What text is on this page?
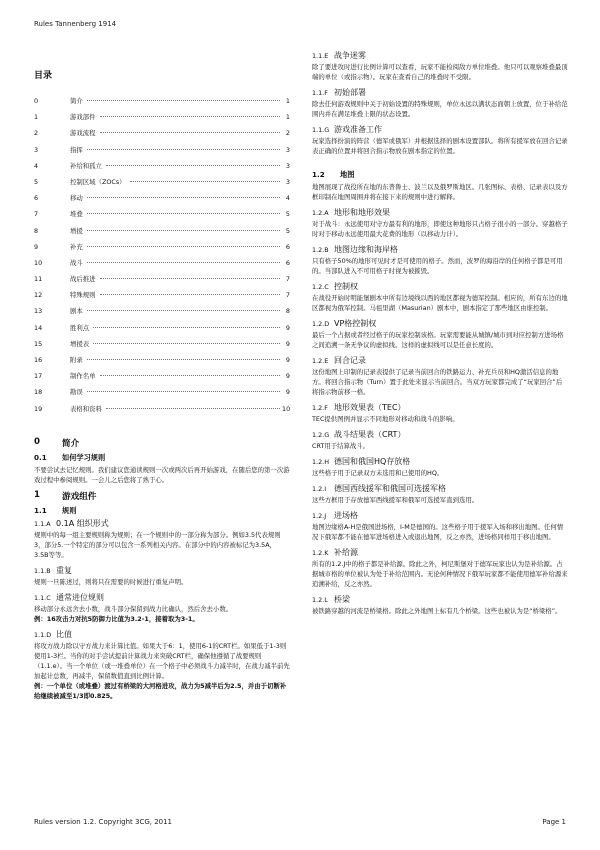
Rules Tannenberg 1914
目录
0	简介	1
1	游戏部件	1
2	游戏流程	2
3	指挥	3
4	补给和孤立	3
5	控制区域（ZOCs）	3
6	移动	4
7	堆叠	5
8	增援	5
9	补充	6
10	战斗	6
11	战后推进	7
12	特殊规则	7
13	剧本	8
14	胜利点	9
15	增援表	9
16	附录	9
17	制作名单	9
18	勘误	9
19	表格和资料	10
0	简介
0.1	如何学习规则
不要尝试去记忆规则。我们建议您通读规则一次或两次后再开始游戏，在随后您的第一次游戏过程中参阅规则。一会儿之后您将了熟于心。
1	游戏组件
1.1	规则
1.1.A 0.1A 组织形式
规则中的每一组主要规则称为规则；在一个规则中的一部分称为部分。例如3.5代表规则3，部分5.一个特定的部分可以包含一系列相关内容。在部分中的内容被标记为3.5A，3.5B等等。
1.1.B 重复
规则一旦陈述过，则将只在需要的时候进行重复声明。
1.1.C 通常进位规则
移动部分永远舍去小数，战斗部分保留到战力比确认，然后舍去小数。
例：16攻击力对抗5防御力比值为3.2-1，接着取为3-1。
1.1.D 比值
将攻方战力除以守方战力来计算比值。如果大于6：1，使用6-1的CRT栏。如果低于1-3则使用1-3栏。当你的对手尝试提前计算战力来突破CRT栏，确保他遵循了战要规则（1.1.e）。当一个单位（或一堆叠单位）在一个格子中必须战斗力减半时，在战力减半前先加起计总数，再减半，保留数值直到比例计算。
例：一个单位（或堆叠）渡过有桥梁的大河格进攻，战力为5减半后为2.5，并由于切断补给继续被减至1/3即0.825。
1.1.E 战争迷雾
除了要进攻时进行比例计算可以查看，玩家不能检阅敌方单位堆叠。他只可以观察堆叠最顶端的单位（或指示物）。玩家在查看自己的堆叠时不受限。
1.1.F 初始部署
除去任何游戏规则中关于初始设置的特殊规则，单位永远以满状态面朝上放置，位于补给范围内并在满足堆叠上限的状态设置。
1.1.G 游戏准备工作
玩家选择扮演的阵营（德军或俄军）并根据选择的剧本设置部队。将所有援军放在回合记录表正确的位置并将回合指示物放在剧本指定的位置。
1.2	地图
地图展现了战役所在地的东普鲁士、波兰以及俄罗斯地区。几张图标、表格、记录表以及方框印制在地图周围并将在接下来的规则中进行解释。
1.2.A 地形和地形效果
对于战斗：永远使用对守方最有利的地形，即使这种地形只占格子很小的一部分。穿越格子时对于移动永远使用最大花费的地形（以移动力计）。
1.2.B 地图边缘和海岸格
只有格子50%的地形可见时才是可使用的格子。然而，波罗的海沿岸的任何格子都是可用的。当部队进入不可用格子时视为被摧毁。
1.2.C 控制权
在战役开始时明能堡剧本中所有边境线以西的地区都视为德军控制。相应的，所有东边的地区都视为俄军控制。马祖里湖（Masurian）剧本中，剧本指定了那些地区由谁控制。
1.2.D VP格控制权
最后一个占据或者经过格子的玩家控制该格。玩家需要能从城镇/城市到对应控制方进场格之间追溯一条无争议的虚拟线。这样的虚拟线可以是任意长度的。
1.2.E 回合记录
这份地图上印制的记录表提供了记录当前回合的铁路运力、补充兵员和HQ激活信息的地方。将回合指示物（Turn）置于此处来显示当前回合。当双方玩家都完成了“玩家回合”后将指示物前移一格。
1.2.F 地形效果表（TEC）
TEC提供图例并显示不同地形对移动和战斗的影响。
1.2.G 战斗结果表（CRT）
CRT用于结算战斗。
1.2.H 德国和俄国HQ存放格
这些格子用于记录双方未选用和已使用的HQ。
1.2.I 德国西线援军和俄国可选援军格
这些方框用于存放德军西线援军和俄军可选援军直到选用。
1.2.J 进场格
地图边缘格A-H是俄国进场格，I-M是德国的。这些格子用于援军入场和移出地图。任何情况下俄军都不能在德军进场格进入或退出地图，反之亦然，进场格同样用于移出地图。
1.2.K 补给源
所有的1.2.J中的格子都是补给源。除此之外，柯尼斯堡对于德军玩家也认为是补给源。占据城市格的单位被认为处于补给范围内。无论何种情况下俄军玩家都不能使用德军补给源来追溯补给，反之亦然。
1.2.L 桥梁
被铁路穿越的河流是桥梁格。除此之外地图上标有几个桥梁。这些也被认为是“桥梁格”。
Rules version 1.2. Copyright 3CG, 2011	Page 1
